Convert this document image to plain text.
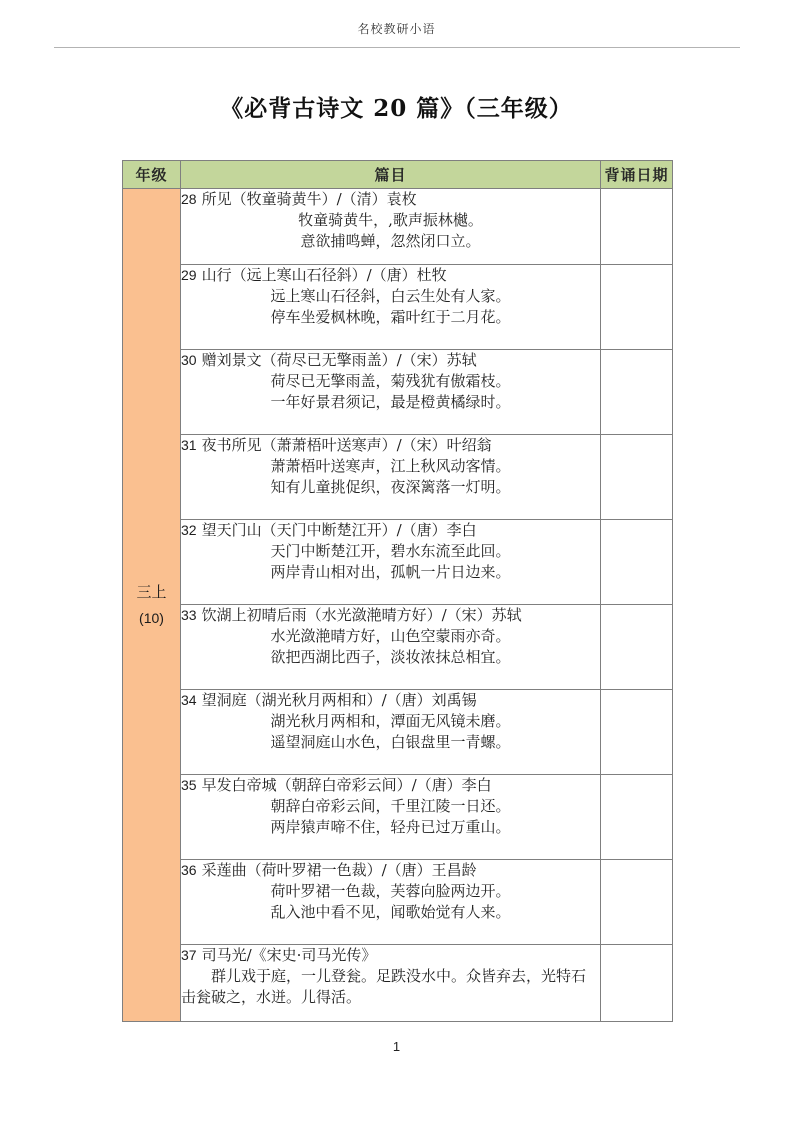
名校教研小语
《必背古诗文 20 篇》（三年级）
年级	篇目	背诵日期

三上
(10)

28 所见（牧童骑黄牛）/（清）袁枚
牧童骑黄牛，,歌声振林樾。
意欲捕鸣蝉，忽然闭口立。

	29 山行（远上寒山石径斜）/（唐）杜牧
远上寒山石径斜，白云生处有人家。
停车坐爱枫林晚，霜叶红于二月花。	

	30 赠刘景文（荷尽已无擎雨盖）/（宋）苏轼
荷尽已无擎雨盖，菊残犹有傲霜枝。
一年好景君须记，最是橙黄橘绿时。	

	31 夜书所见（萧萧梧叶送寒声）/（宋）叶绍翁
萧萧梧叶送寒声，江上秋风动客情。
知有儿童挑促织，夜深篱落一灯明。	

	32 望天门山（天门中断楚江开）/（唐）李白
天门中断楚江开，碧水东流至此回。
两岸青山相对出，孤帆一片日边来。	

	33 饮湖上初晴后雨（水光潋滟晴方好）/（宋）苏轼
水光潋滟晴方好，山色空蒙雨亦奇。
欲把西湖比西子，淡妆浓抹总相宜。	

	34 望洞庭（湖光秋月两相和）/（唐）刘禹锡
湖光秋月两相和，潭面无风镜未磨。
遥望洞庭山水色，白银盘里一青螺。	

	35 早发白帝城（朝辞白帝彩云间）/（唐）李白
朝辞白帝彩云间，千里江陵一日还。
两岸猿声啼不住，轻舟已过万重山。	

	36 采莲曲（荷叶罗裙一色裁）/（唐）王昌龄
荷叶罗裙一色裁，芙蓉向脸两边开。
乱入池中看不见，闻歌始觉有人来。	

	37 司马光/《宋史·司马光传》
群儿戏于庭，一儿登瓮。足跌没水中。众皆弃去，光特石击瓮破之，水迸。儿得活。	

1
